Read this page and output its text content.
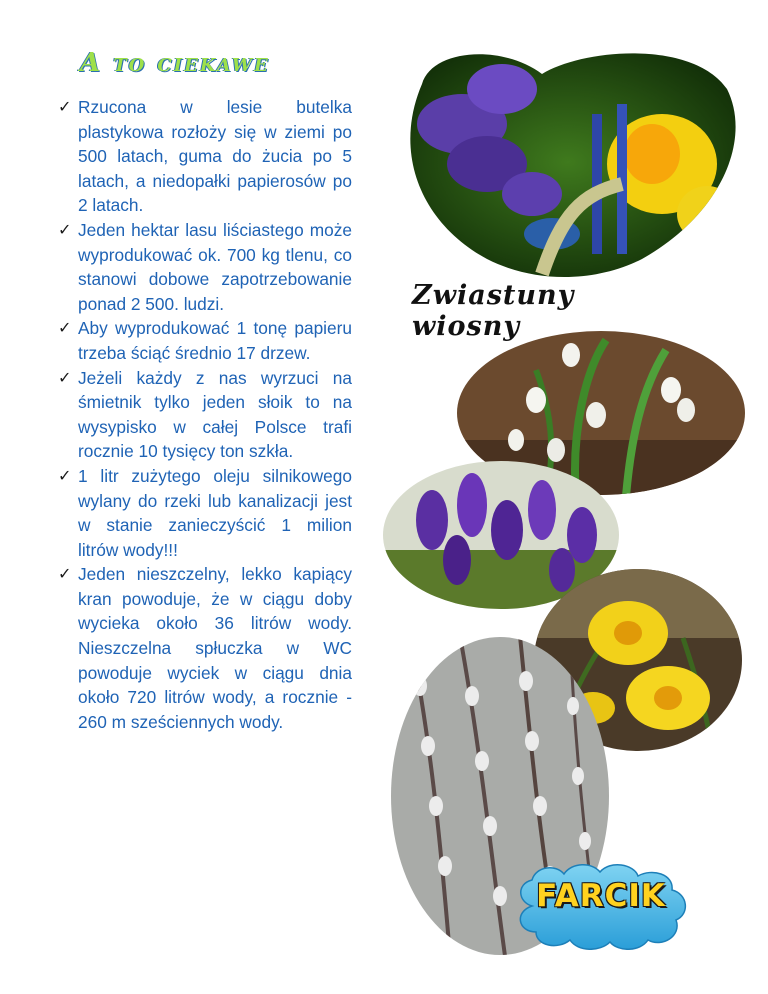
A to ciekawe
✓ Rzucona w lesie butelka plastykowa rozłoży się w ziemi po 500 latach, guma do żucia po 5 latach, a niedopałki papierosów po 2 latach.
✓ Jeden hektar lasu liściastego może wyprodukować ok. 700 kg tlenu, co stanowi dobowe zapotrzebowanie ponad 2 500. ludzi.
✓ Aby wyprodukować 1 tonę papieru trzeba ściąć średnio 17 drzew.
✓ Jeżeli każdy z nas wyrzuci na śmietnik tylko jeden słoik to na wysypisko w całej Polsce trafi rocznie 10 tysięcy ton szkła.
✓ 1 litr zużytego oleju silnikowego wylany do rzeki lub kanalizacji jest w stanie zanieczyścić 1 milion litrów wody!!!
✓ Jeden nieszczelny, lekko kapiący kran powoduje, że w ciągu doby wycieka około 36 litrów wody. Nieszczelna spłuczka w WC powoduje wyciek w ciągu dnia około 720 litrów wody, a rocznie - 260 m sześciennych wody.
Zwiastuny wiosny
FARCIK
